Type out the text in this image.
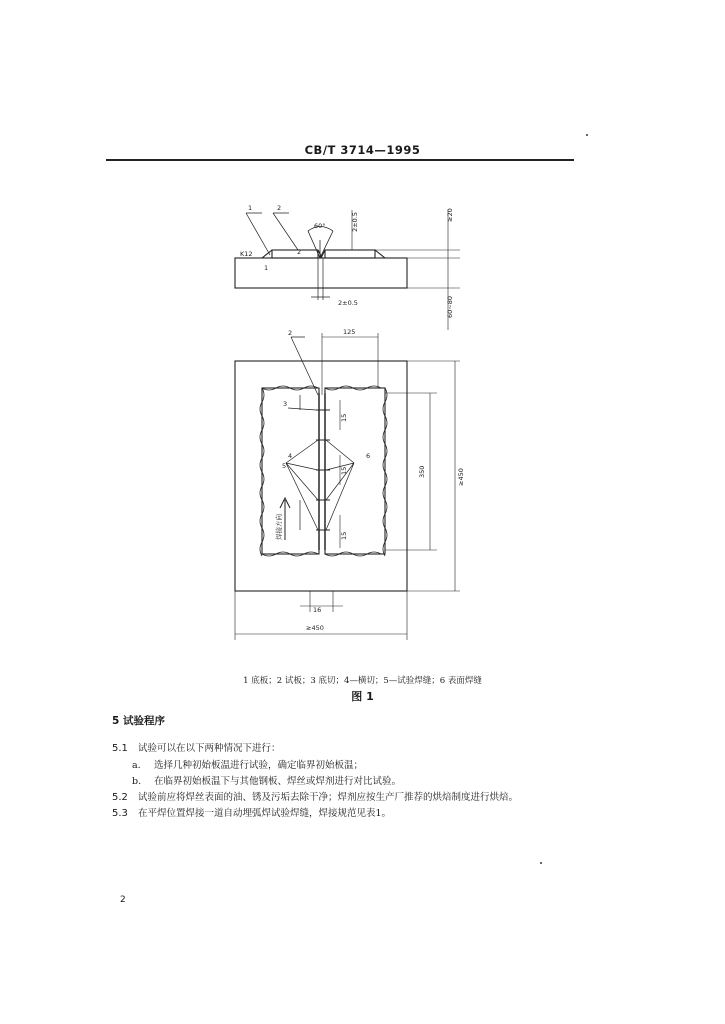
CB/T 3714—1995
1	2
K12
1
2
60°
2±0.5
2±0.5	≥20
60~80
2	125
3
4
5
6
15
15
15
350	≥450
16
≥450
焊接方向
1 底板；2 试板；3 底切；4—横切；5—试验焊缝；6 表面焊缝
图 1
5 试验程序
5.1 试验可以在以下两种情况下进行：
a. 选择几种初始板温进行试验，确定临界初始板温；
b. 在临界初始板温下与其他钢板、焊丝或焊剂进行对比试验。
5.2 试验前应将焊丝表面的油、锈及污垢去除干净；焊剂应按生产厂推荐的烘焙制度进行烘焙。
5.3 在平焊位置焊接一道自动埋弧焊试验焊缝，焊接规范见表1。
2
